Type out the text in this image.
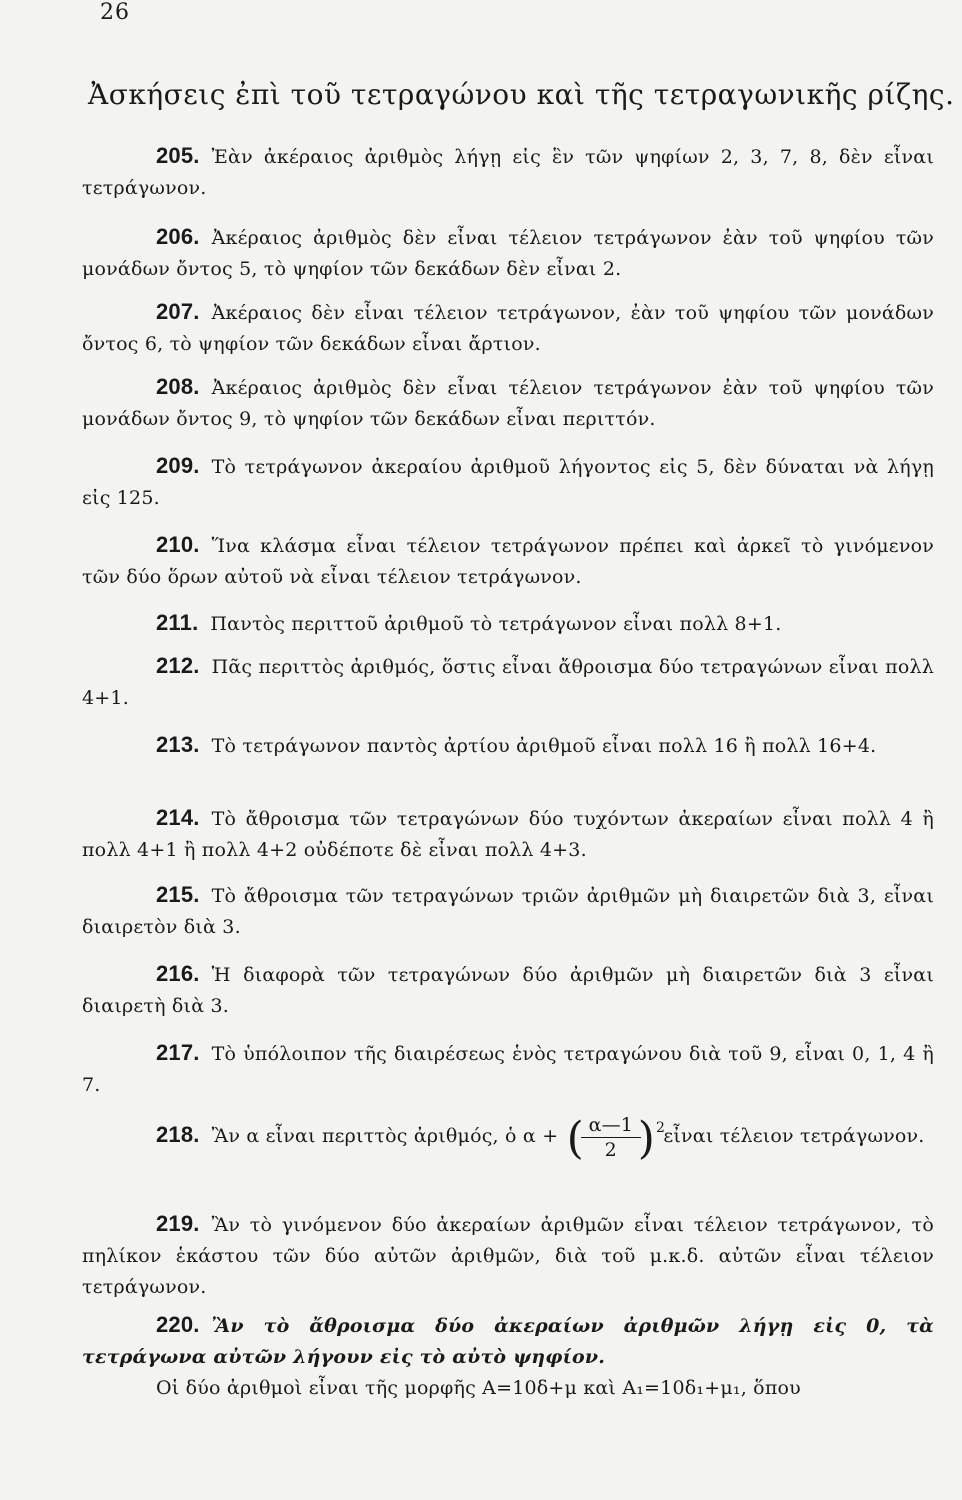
26
Ἀσκήσεις ἐπὶ τοῦ τετραγώνου καὶ τῆς τετραγωνικῆς ρίζης.
205. Ἐὰν ἀκέραιος ἀριθμὸς λήγῃ εἰς ἓν τῶν ψηφίων 2, 3, 7, 8, δὲν εἶναι τετράγωνον.
206. Ἀκέραιος ἀριθμὸς δὲν εἶναι τέλειον τετράγωνον ἐὰν τοῦ ψηφίου τῶν μονάδων ὄντος 5, τὸ ψηφίον τῶν δεκάδων δὲν εἶναι 2.
207. Ἀκέραιος δὲν εἶναι τέλειον τετράγωνον, ἐὰν τοῦ ψηφίου τῶν μονάδων ὄντος 6, τὸ ψηφίον τῶν δεκάδων εἶναι ἄρτιον.
208. Ἀκέραιος ἀριθμὸς δὲν εἶναι τέλειον τετράγωνον ἐὰν τοῦ ψηφίου τῶν μονάδων ὄντος 9, τὸ ψηφίον τῶν δεκάδων εἶναι περιττόν.
209. Τὸ τετράγωνον ἀκεραίου ἀριθμοῦ λήγοντος εἰς 5, δὲν δύναται νὰ λήγῃ εἰς 125.
210. Ἵνα κλάσμα εἶναι τέλειον τετράγωνον πρέπει καὶ ἀρκεῖ τὸ γινόμενον τῶν δύο ὅρων αὐτοῦ νὰ εἶναι τέλειον τετράγωνον.
211. Παντὸς περιττοῦ ἀριθμοῦ τὸ τετράγωνον εἶναι πολλ 8+1.
212. Πᾶς περιττὸς ἀριθμός, ὅστις εἶναι ἄθροισμα δύο τετραγώνων εἶναι πολλ 4+1.
213. Τὸ τετράγωνον παντὸς ἀρτίου ἀριθμοῦ εἶναι πολλ 16 ἢ πολλ 16+4.
214. Τὸ ἄθροισμα τῶν τετραγώνων δύο τυχόντων ἀκεραίων εἶναι πολλ 4 ἢ πολλ 4+1 ἢ πολλ 4+2 οὐδέποτε δὲ εἶναι πολλ 4+3.
215. Τὸ ἄθροισμα τῶν τετραγώνων τριῶν ἀριθμῶν μὴ διαιρετῶν διὰ 3, εἶναι διαιρετὸν διὰ 3.
216. Ἡ διαφορὰ τῶν τετραγώνων δύο ἀριθμῶν μὴ διαιρετῶν διὰ 3 εἶναι διαιρετὴ διὰ 3.
217. Τὸ ὑπόλοιπον τῆς διαιρέσεως ἑνὸς τετραγώνου διὰ τοῦ 9, εἶναι 0, 1, 4 ἢ 7.
218. Ἂν α εἶναι περιττὸς ἀριθμός, ὁ α + ( α—1
2 ) 2
εἶναι τέλειον τετράγωνον.
219. Ἂν τὸ γινόμενον δύο ἀκεραίων ἀριθμῶν εἶναι τέλειον τετράγωνον, τὸ πηλίκον ἑκάστου τῶν δύο αὐτῶν ἀριθμῶν, διὰ τοῦ μ.κ.δ. αὐτῶν εἶναι τέλειον τετράγωνον.
220. Ἂν τὸ ἄθροισμα δύο ἀκεραίων ἀριθμῶν λήγῃ εἰς 0, τὰ τετράγωνα αὐτῶν λήγουν εἰς τὸ αὐτὸ ψηφίον.
Οἱ δύο ἀριθμοὶ εἶναι τῆς μορφῆς A=10δ+μ καὶ A₁=10δ₁+μ₁, ὅπου
